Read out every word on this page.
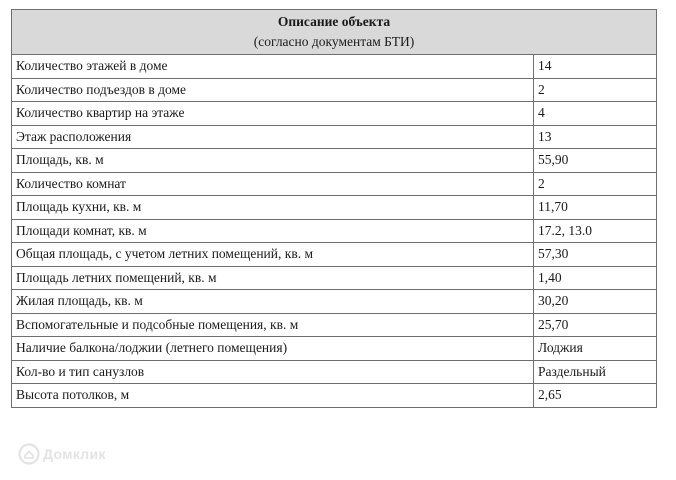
Описание объекта
(согласно документам БТИ)	

Количество этажей в доме	14
Количество подъездов в доме	2
Количество квартир на этаже	4
Этаж расположения	13
Площадь, кв. м	55,90
Количество комнат	2
Площадь кухни, кв. м	11,70
Площади комнат, кв. м	17.2, 13.0
Общая площадь, с учетом летних помещений, кв. м	57,30
Площадь летних помещений, кв. м	1,40
Жилая площадь, кв. м	30,20
Вспомогательные и подсобные помещения, кв. м	25,70
Наличие балкона/лоджии (летнего помещения)	Лоджия
Кол-во и тип санузлов	Раздельный
Высота потолков, м	2,65
Домклик
